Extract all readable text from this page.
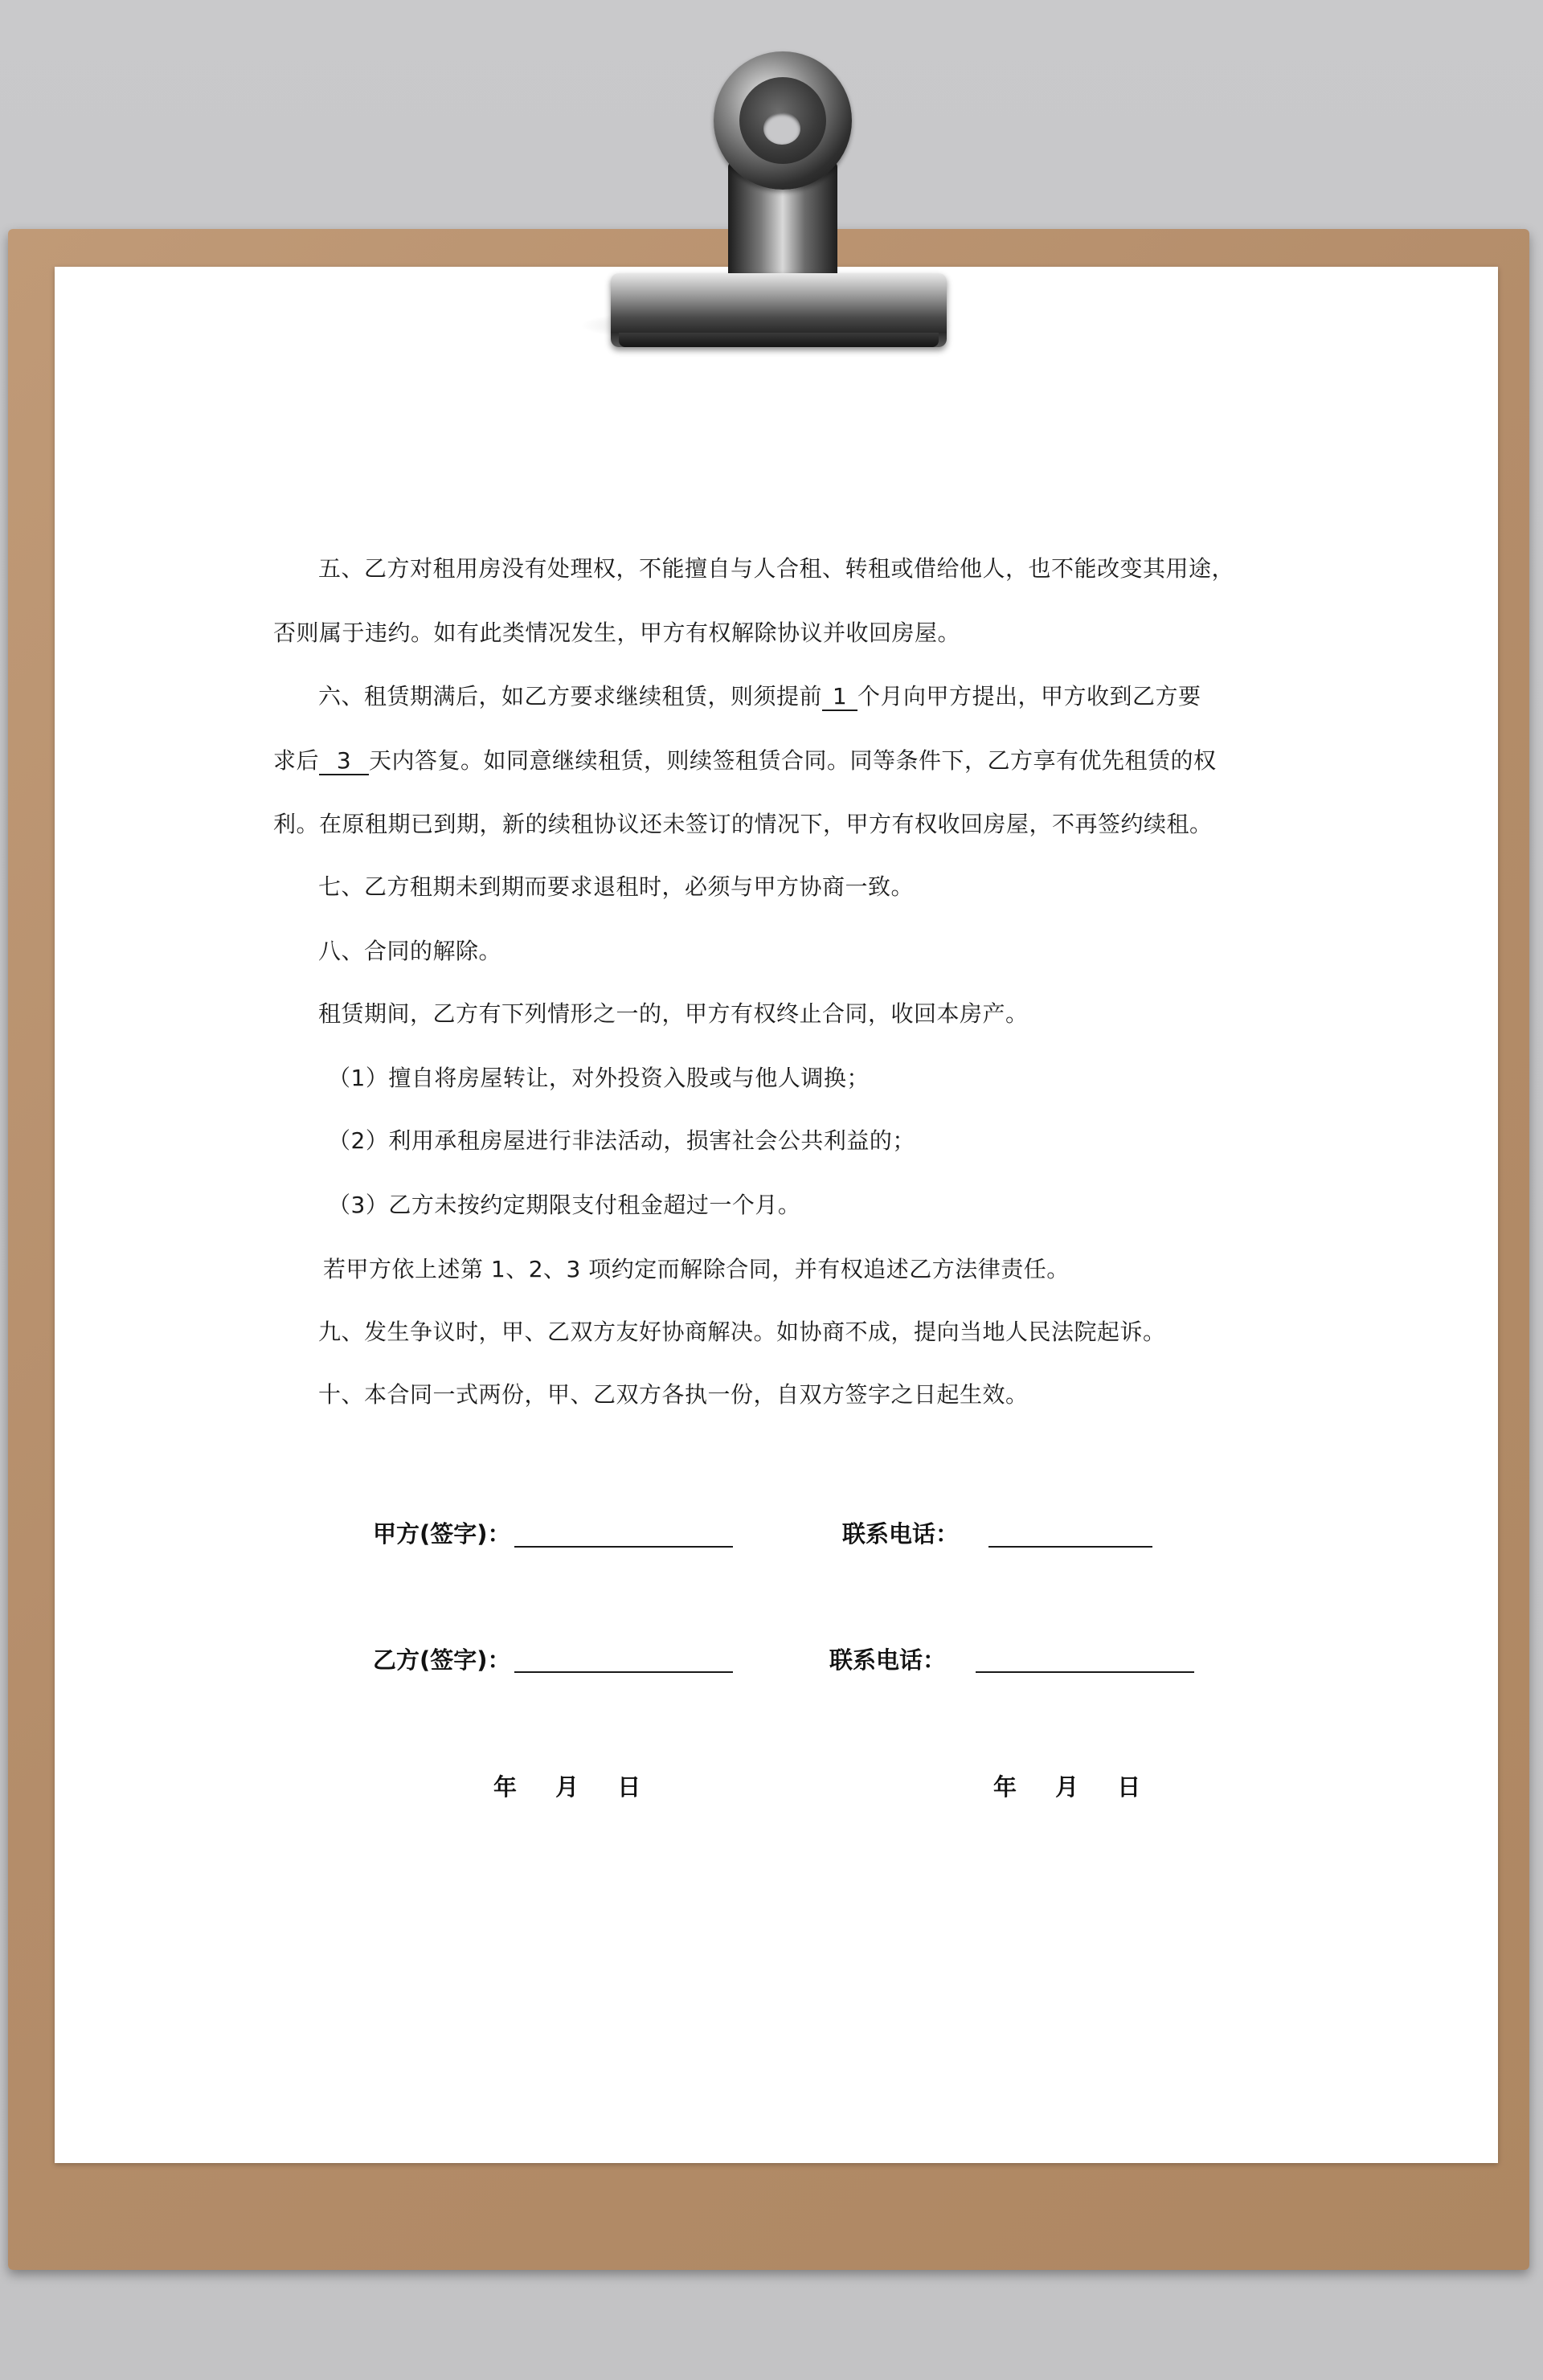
五、乙方对租用房没有处理权，不能擅自与人合租、转租或借给他人，也不能改变其用途，
否则属于违约。如有此类情况发生，甲方有权解除协议并收回房屋。
六、租赁期满后，如乙方要求继续租赁，则须提前 1 个月向甲方提出，甲方收到乙方要
求后 3 天内答复。如同意继续租赁，则续签租赁合同。同等条件下，乙方享有优先租赁的权
利。在原租期已到期，新的续租协议还未签订的情况下，甲方有权收回房屋，不再签约续租。
七、乙方租期未到期而要求退租时，必须与甲方协商一致。
八、合同的解除。
租赁期间，乙方有下列情形之一的，甲方有权终止合同，收回本房产。
（1）擅自将房屋转让，对外投资入股或与他人调换；
（2）利用承租房屋进行非法活动，损害社会公共利益的；
（3）乙方未按约定期限支付租金超过一个月。
若甲方依上述第 1、2、3 项约定而解除合同，并有权追述乙方法律责任。
九、发生争议时，甲、乙双方友好协商解决。如协商不成，提向当地人民法院起诉。
十、本合同一式两份，甲、乙双方各执一份，自双方签字之日起生效。
甲方(签字)：	联系电话：
乙方(签字)：	联系电话：
年 月 日	年 月 日
